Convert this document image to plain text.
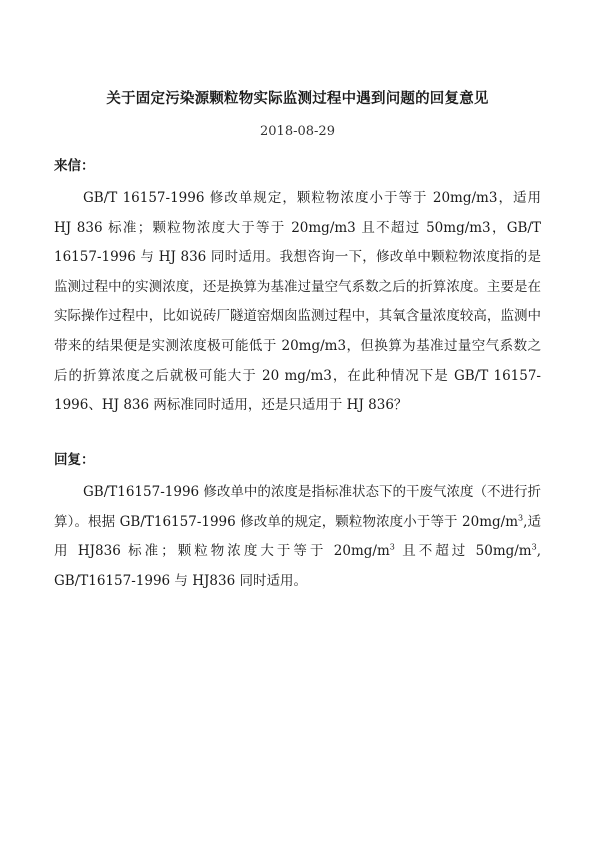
关于固定污染源颗粒物实际监测过程中遇到问题的回复意见
2018-08-29
来信：

GB/T 16157-1996 修改单规定，颗粒物浓度小于等于 20mg/m3，适用 HJ 836 标准；颗粒物浓度大于等于 20mg/m3 且不超过 50mg/m3，GB/T 16157-1996 与 HJ 836 同时适用。我想咨询一下，修改单中颗粒物浓度指的是监测过程中的实测浓度，还是换算为基准过量空气系数之后的折算浓度。主要是在实际操作过程中，比如说砖厂隧道窑烟囱监测过程中，其氧含量浓度较高，监测中带来的结果便是实测浓度极可能低于 20mg/m3，但换算为基准过量空气系数之后的折算浓度之后就极可能大于 20 mg/m3，在此种情况下是 GB/T 16157-1996、HJ 836 两标准同时适用，还是只适用于 HJ 836？

回复：

GB/T16157-1996 修改单中的浓度是指标准状态下的干废气浓度（不进行折算）。根据 GB/T16157-1996 修改单的规定，颗粒物浓度小于等于 $20mg/m^3$,适用 HJ836 标准；颗粒物浓度大于等于 $20mg/m^3$ 且不超过 $50mg/m^3$, GB/T16157-1996 与 HJ836 同时适用。
